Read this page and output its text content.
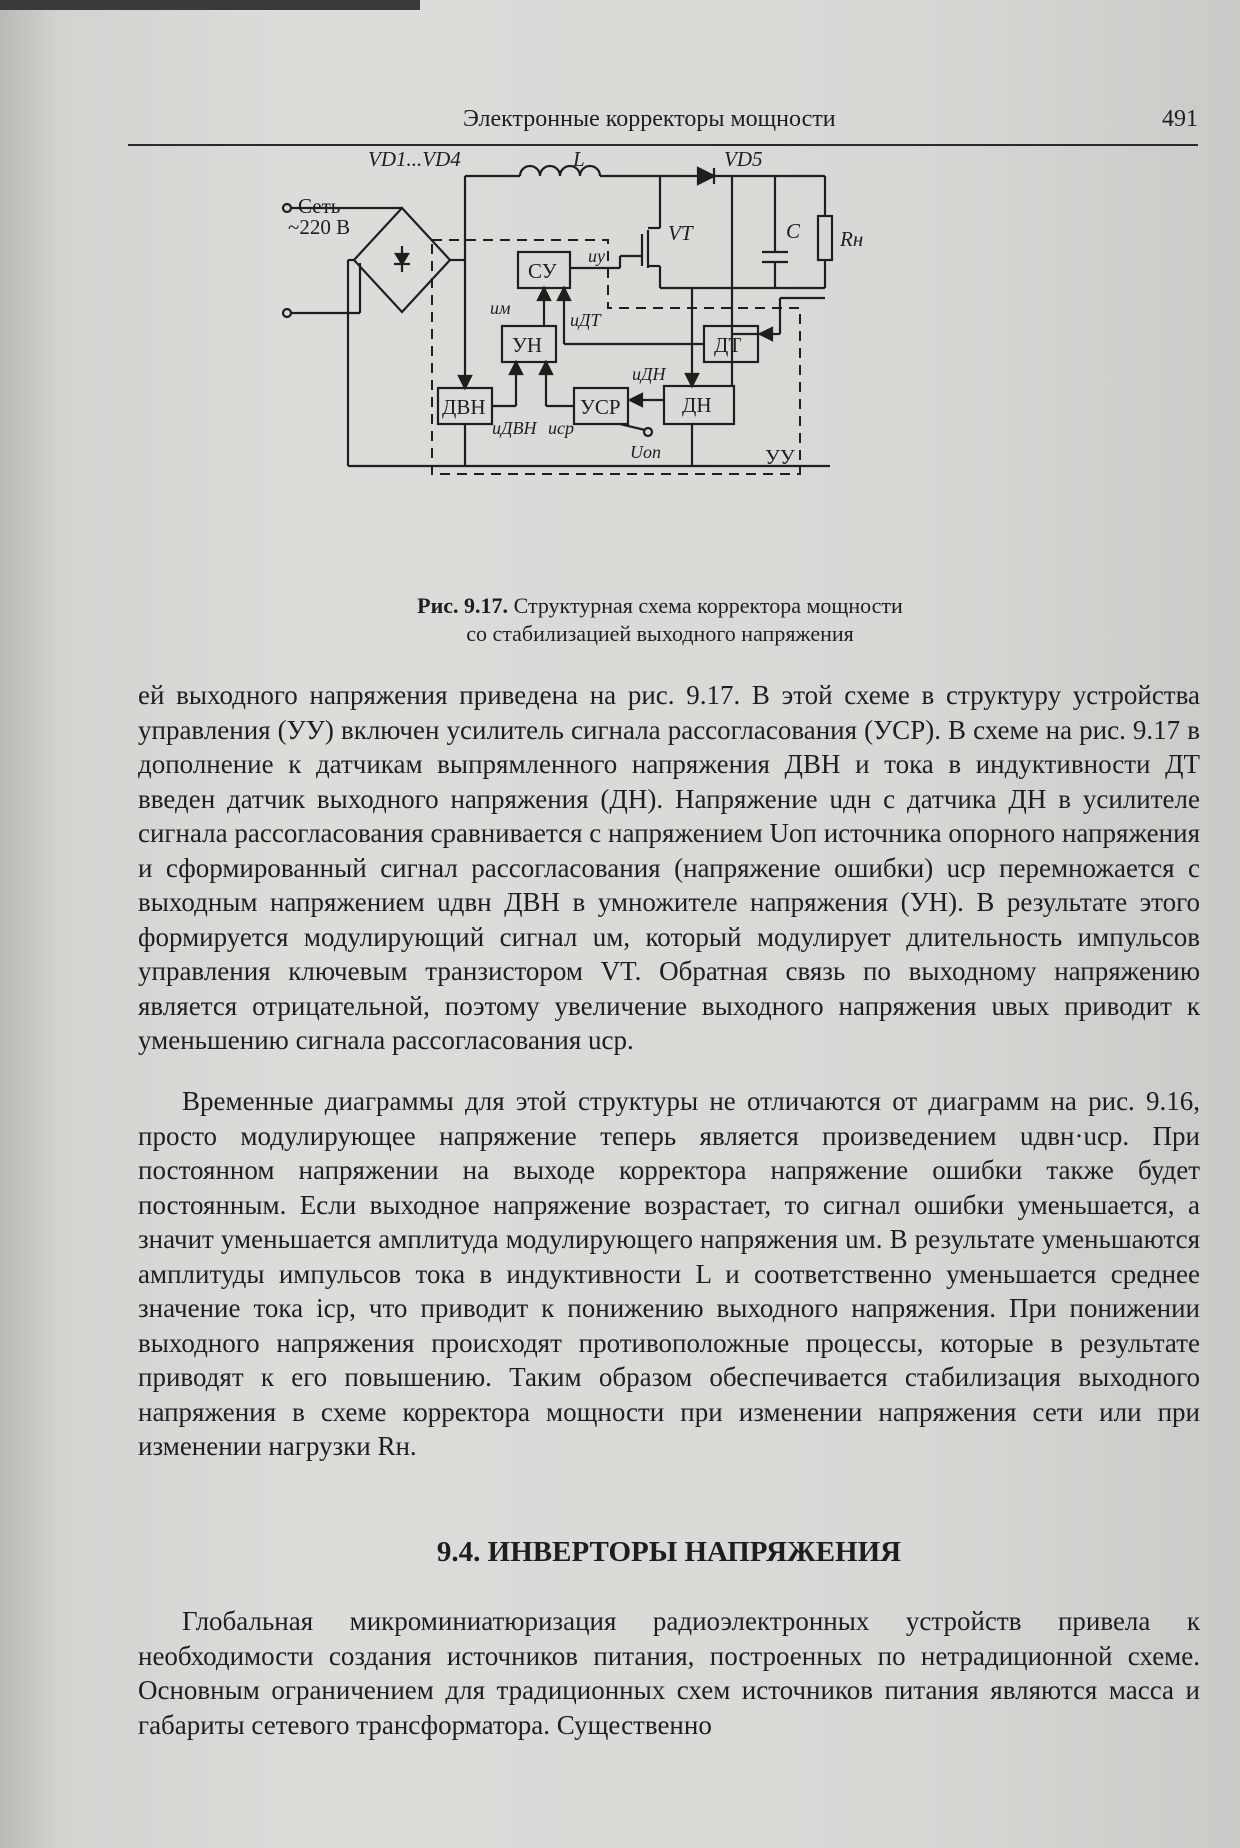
Электронные корректоры мощности	491
VD1...VD4
Сеть
~220 В
L	VD5
VT	C Rн
СУ
УН	ДТ
ДВН	УСР	ДН
УУ
uу
uм
uДТ
uДН
uДВН uср
Uоп
Рис. 9.17. Структурная схема корректора мощности
со стабилизацией выходного напряжения

ей выходного напряжения приведена на рис. 9.17. В этой схеме в структуру устройства управления (УУ) включен усилитель сигнала рассогласования (УСР). В схеме на рис. 9.17 в дополнение к датчикам выпрямленного напряжения ДВН и тока в индуктивности ДТ введен датчик выходного напряжения (ДН). Напряжение uдн с датчика ДН в усилителе сигнала рассогласования сравнивается с напряжением Uоп источника опорного напряжения и сформированный сигнал рассогласования (напряжение ошибки) uср перемножается с выходным напряжением uдвн ДВН в умножителе напряжения (УН). В результате этого формируется модулирующий сигнал uм, который модулирует длительность импульсов управления ключевым транзистором VT. Обратная связь по выходному напряжению является отрицательной, поэтому увеличение выходного напряжения uвых приводит к уменьшению сигнала рассогласования uср.

Временные диаграммы для этой структуры не отличаются от диаграмм на рис. 9.16, просто модулирующее напряжение теперь является произведением uдвн·uср. При постоянном напряжении на выходе корректора напряжение ошибки также будет постоянным. Если выходное напряжение возрастает, то сигнал ошибки уменьшается, а значит уменьшается амплитуда модулирующего напряжения uм. В результате уменьшаются амплитуды импульсов тока в индуктивности L и соответственно уменьшается среднее значение тока iср, что приводит к понижению выходного напряжения. При понижении выходного напряжения происходят противоположные процессы, которые в результате приводят к его повышению. Таким образом обеспечивается стабилизация выходного напряжения в схеме корректора мощности при изменении напряжения сети или при изменении нагрузки Rн.

9.4. ИНВЕРТОРЫ НАПРЯЖЕНИЯ

Глобальная микроминиатюризация радиоэлектронных устройств привела к необходимости создания источников питания, построенных по нетрадиционной схеме. Основным ограничением для традиционных схем источников питания являются масса и габариты сетевого трансформатора. Существенно
